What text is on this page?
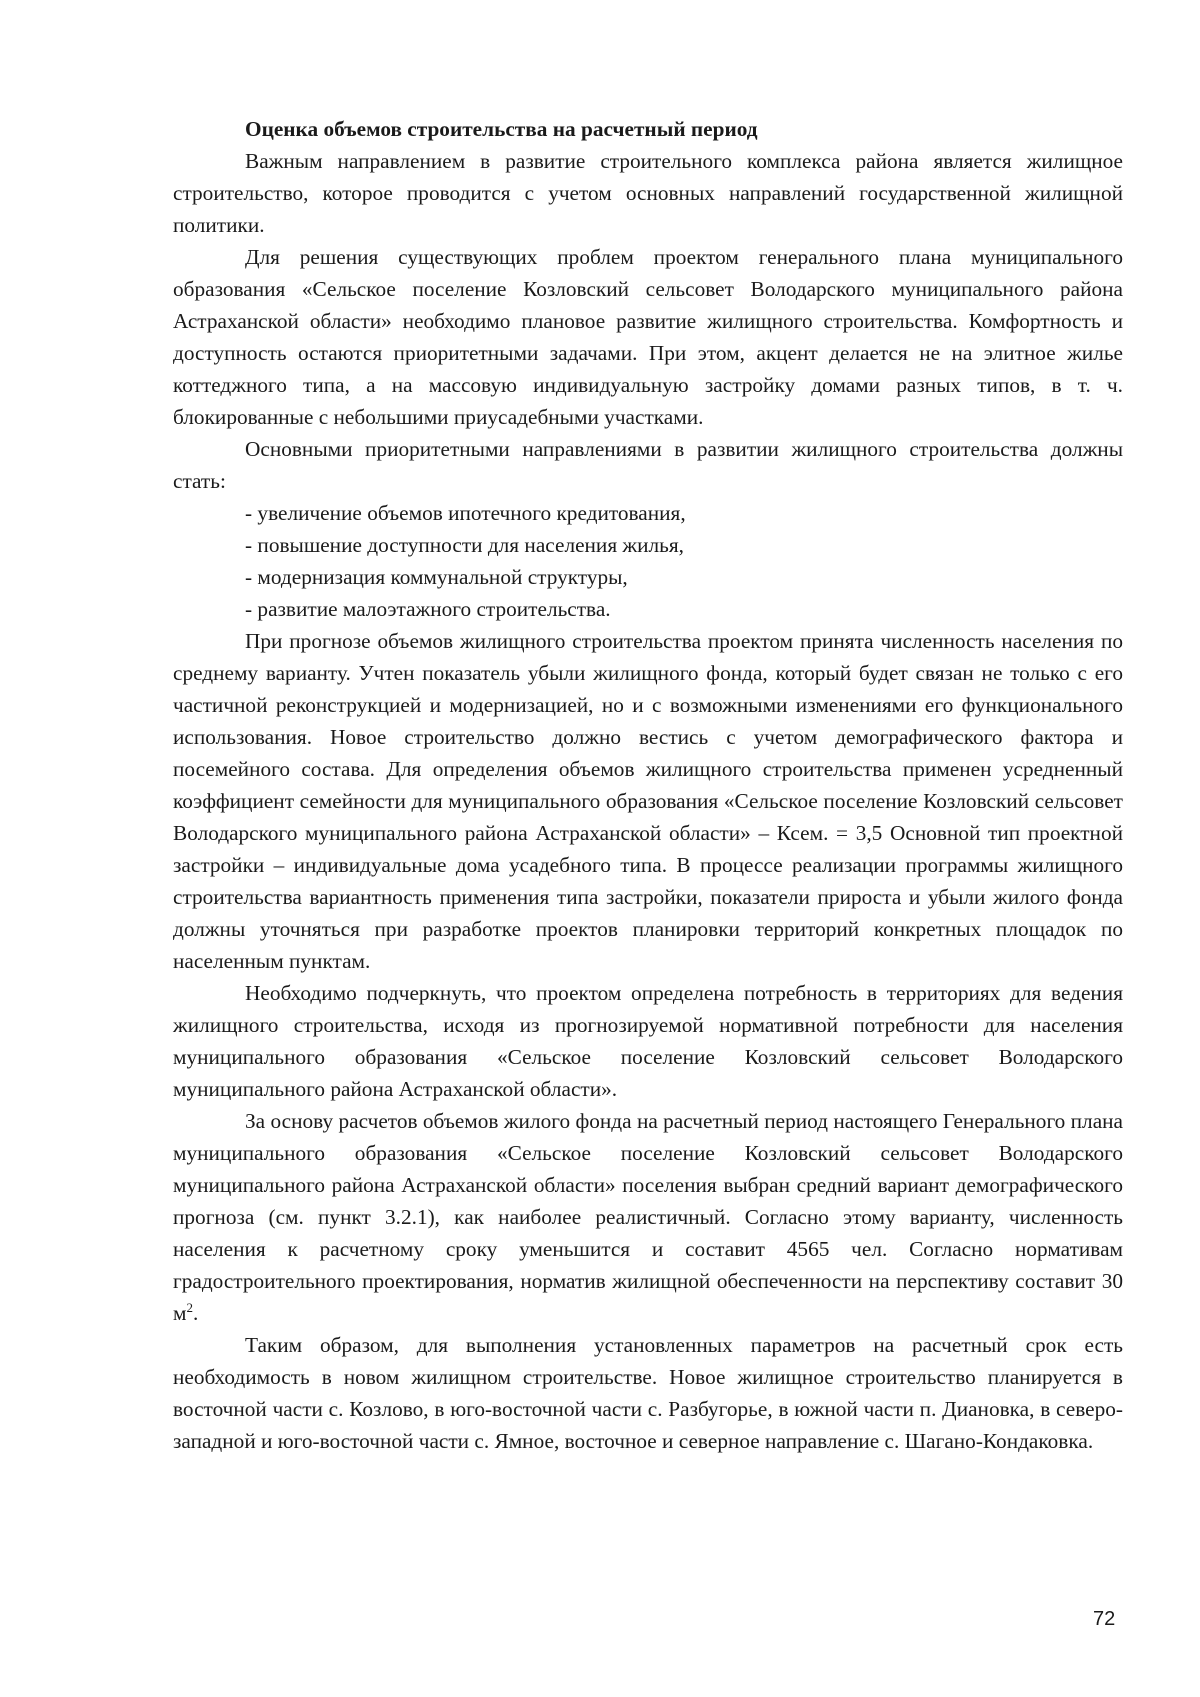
Оценка объемов строительства на расчетный период

Важным направлением в развитие строительного комплекса района является жилищное строительство, которое проводится с учетом основных направлений государственной жилищной политики.

Для решения существующих проблем проектом генерального плана муниципального образования «Сельское поселение Козловский сельсовет Володарского муниципального района Астраханской области» необходимо плановое развитие жилищного строительства. Комфортность и доступность остаются приоритетными задачами. При этом, акцент делается не на элитное жилье коттеджного типа, а на массовую индивидуальную застройку домами разных типов, в т. ч. блокированные с небольшими приусадебными участками.

Основными приоритетными направлениями в развитии жилищного строительства должны стать:

- увеличение объемов ипотечного кредитования,
- повышение доступности для населения жилья,
- модернизация коммунальной структуры,
- развитие малоэтажного строительства.

При прогнозе объемов жилищного строительства проектом принята численность населения по среднему варианту. Учтен показатель убыли жилищного фонда, который будет связан не только с его частичной реконструкцией и модернизацией, но и с возможными изменениями его функционального использования. Новое строительство должно вестись с учетом демографического фактора и посемейного состава. Для определения объемов жилищного строительства применен усредненный коэффициент семейности для муниципального образования «Сельское поселение Козловский сельсовет Володарского муниципального района Астраханской области» – Ксем. = 3,5 Основной тип проектной застройки – индивидуальные дома усадебного типа. В процессе реализации программы жилищного строительства вариантность применения типа застройки, показатели прироста и убыли жилого фонда должны уточняться при разработке проектов планировки территорий конкретных площадок по населенным пунктам.

Необходимо подчеркнуть, что проектом определена потребность в территориях для ведения жилищного строительства, исходя из прогнозируемой нормативной потребности для населения муниципального образования «Сельское поселение Козловский сельсовет Володарского муниципального района Астраханской области».

За основу расчетов объемов жилого фонда на расчетный период настоящего Генерального плана муниципального образования «Сельское поселение Козловский сельсовет Володарского муниципального района Астраханской области» поселения выбран средний вариант демографического прогноза (см. пункт 3.2.1), как наиболее реалистичный. Согласно этому варианту, численность населения к расчетному сроку уменьшится и составит 4565 чел. Согласно нормативам градостроительного проектирования, норматив жилищной обеспеченности на перспективу составит 30 $м^2$.

Таким образом, для выполнения установленных параметров на расчетный срок есть необходимость в новом жилищном строительстве. Новое жилищное строительство планируется в восточной части с. Козлово, в юго-восточной части с. Разбугорье, в южной части п. Диановка, в северо-западной и юго-восточной части с. Ямное, восточное и северное направление с. Шагано-Кондаковка.

72
